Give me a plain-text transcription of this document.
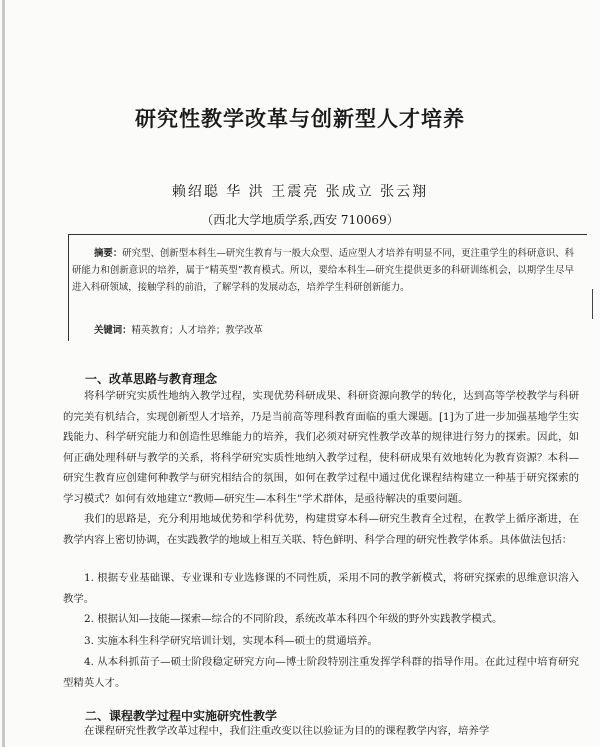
研究性教学改革与创新型人才培养
赖绍聪 华 洪 王震亮 张成立 张云翔
（西北大学地质学系,西安 710069）

摘要：研究型、创新型本科生—研究生教育与一般大众型、适应型人才培养有明显不同，更注重学生的科研意识、科研能力和创新意识的培养，属于“精英型”教育模式。所以，要给本科生—研究生提供更多的科研训练机会，以期学生尽早进入科研领域，接触学科的前沿，了解学科的发展动态，培养学生科研创新能力。

关键词：精英教育；人才培养；教学改革

一、改革思路与教育理念

将科学研究实质性地纳入教学过程，实现优势科研成果、科研资源向教学的转化，达到高等学校教学与科研的完美有机结合，实现创新型人才培养，乃是当前高等理科教育面临的重大课题。[1]为了进一步加强基地学生实践能力、科学研究能力和创造性思维能力的培养，我们必须对研究性教学改革的规律进行努力的探索。因此，如何正确处理科研与教学的关系，将科学研究实质性地纳入教学过程，使科研成果有效地转化为教育资源？本科—研究生教育应创建何种教学与研究相结合的氛围，如何在教学过程中通过优化课程结构建立一种基于研究探索的学习模式？如何有效地建立“教师—研究生—本科生”学术群体，是亟待解决的重要问题。

我们的思路是，充分利用地域优势和学科优势，构建贯穿本科—研究生教育全过程，在教学上循序渐进，在教学内容上密切协调，在实践教学的地域上相互关联、特色鲜明、科学合理的研究性教学体系。具体做法包括：

1. 根据专业基础课、专业课和专业选修课的不同性质，采用不同的教学新模式，将研究探索的思维意识溶入教学。

2. 根据认知—技能—探索—综合的不同阶段，系统改革本科四个年级的野外实践教学模式。

3. 实施本科生科学研究培训计划，实现本科—硕士的贯通培养。

4. 从本科抓苗子—硕士阶段稳定研究方向—博士阶段特别注重发挥学科群的指导作用。在此过程中培育研究型精英人才。

二、课程教学过程中实施研究性教学

在课程研究性教学改革过程中，我们注重改变以往以验证为目的的课程教学内容，培养学
